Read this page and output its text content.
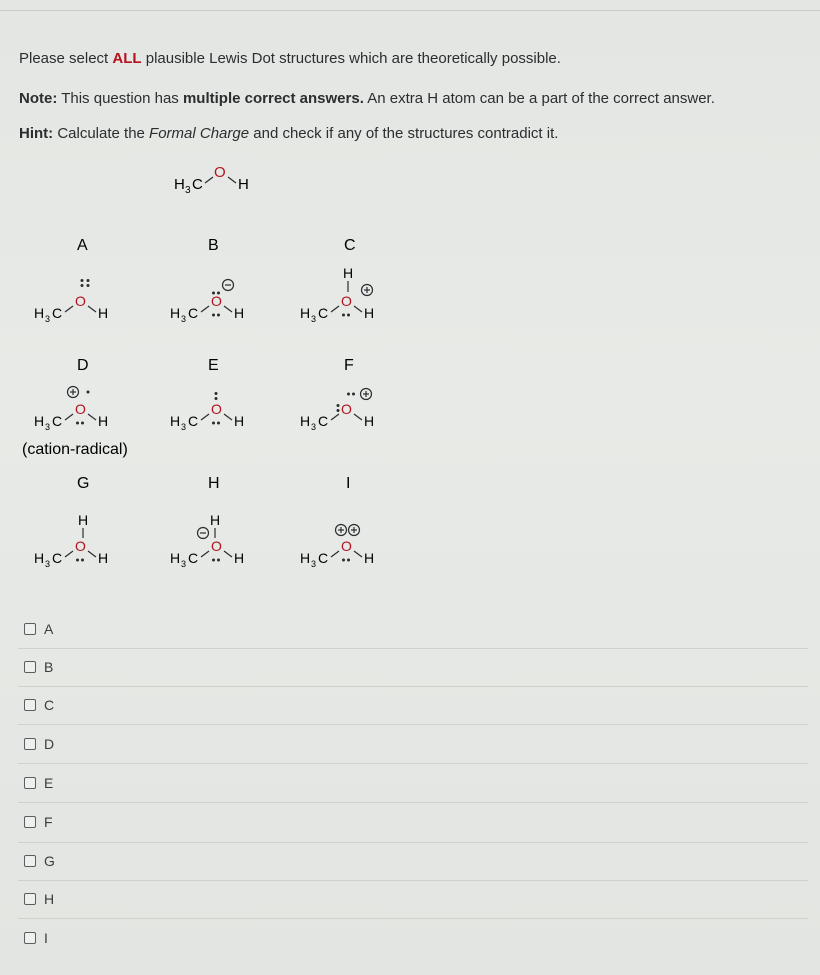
Please select ALL plausible Lewis Dot structures which are theoretically possible.
Note: This question has multiple correct answers. An extra H atom can be a part of the correct answer.
Hint: Calculate the Formal Charge and check if any of the structures contradict it.
H 3 C
O
H
A
H 3 C
O
H
B
H 3 C
O
H
C
H
H 3 C
O
H
D
H 3 C
O
H
(cation-radical)
E
H 3 C
O
H
F
H 3 C
O
H
G
H
H 3 C
O
H
H
H
H 3 C
O
H
I
H 3 C
O
H
A
B
C
D
E
F
G
H
I
